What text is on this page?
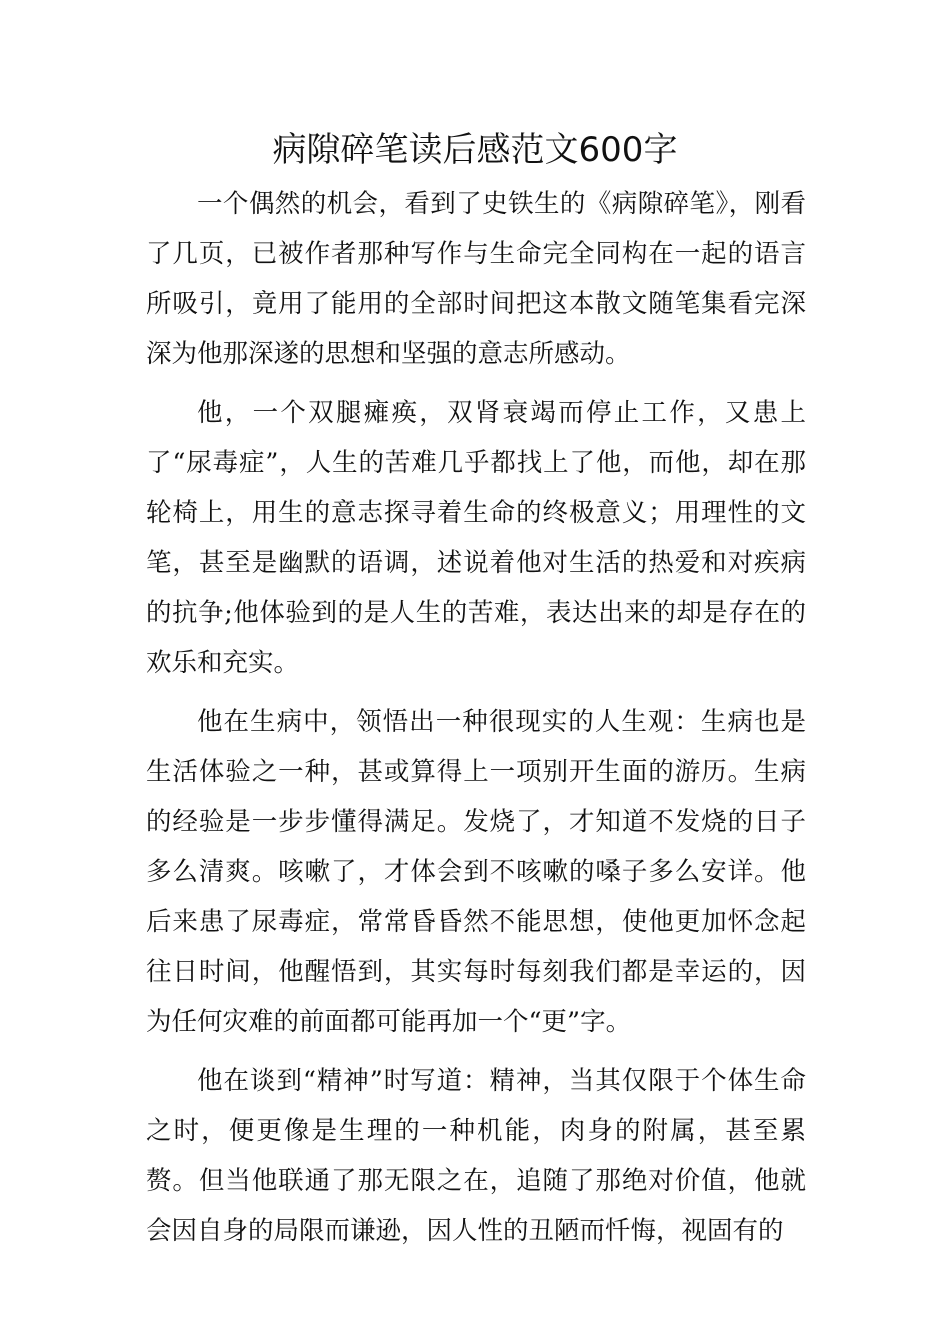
病隙碎笔读后感范文600字

一个偶然的机会，看到了史铁生的《病隙碎笔》，刚看了几页，已被作者那种写作与生命完全同构在一起的语言所吸引，竟用了能用的全部时间把这本散文随笔集看完深深为他那深遂的思想和坚强的意志所感动。

他，一个双腿瘫痪，双肾衰竭而停止工作，又患上了“尿毒症”，人生的苦难几乎都找上了他，而他，却在那轮椅上，用生的意志探寻着生命的终极意义；用理性的文笔，甚至是幽默的语调，述说着他对生活的热爱和对疾病的抗争;他体验到的是人生的苦难，表达出来的却是存在的欢乐和充实。

他在生病中，领悟出一种很现实的人生观：生病也是生活体验之一种，甚或算得上一项别开生面的游历。生病的经验是一步步懂得满足。发烧了，才知道不发烧的日子多么清爽。咳嗽了，才体会到不咳嗽的嗓子多么安详。他后来患了尿毒症，常常昏昏然不能思想，使他更加怀念起往日时间，他醒悟到，其实每时每刻我们都是幸运的，因为任何灾难的前面都可能再加一个“更”字。

他在谈到“精神”时写道：精神，当其仅限于个体生命之时，便更像是生理的一种机能，肉身的附属，甚至累赘。但当他联通了那无限之在，追随了那绝对价值，他就会因自身的局限而谦逊，因人性的丑陋而忏悔，视固有的
